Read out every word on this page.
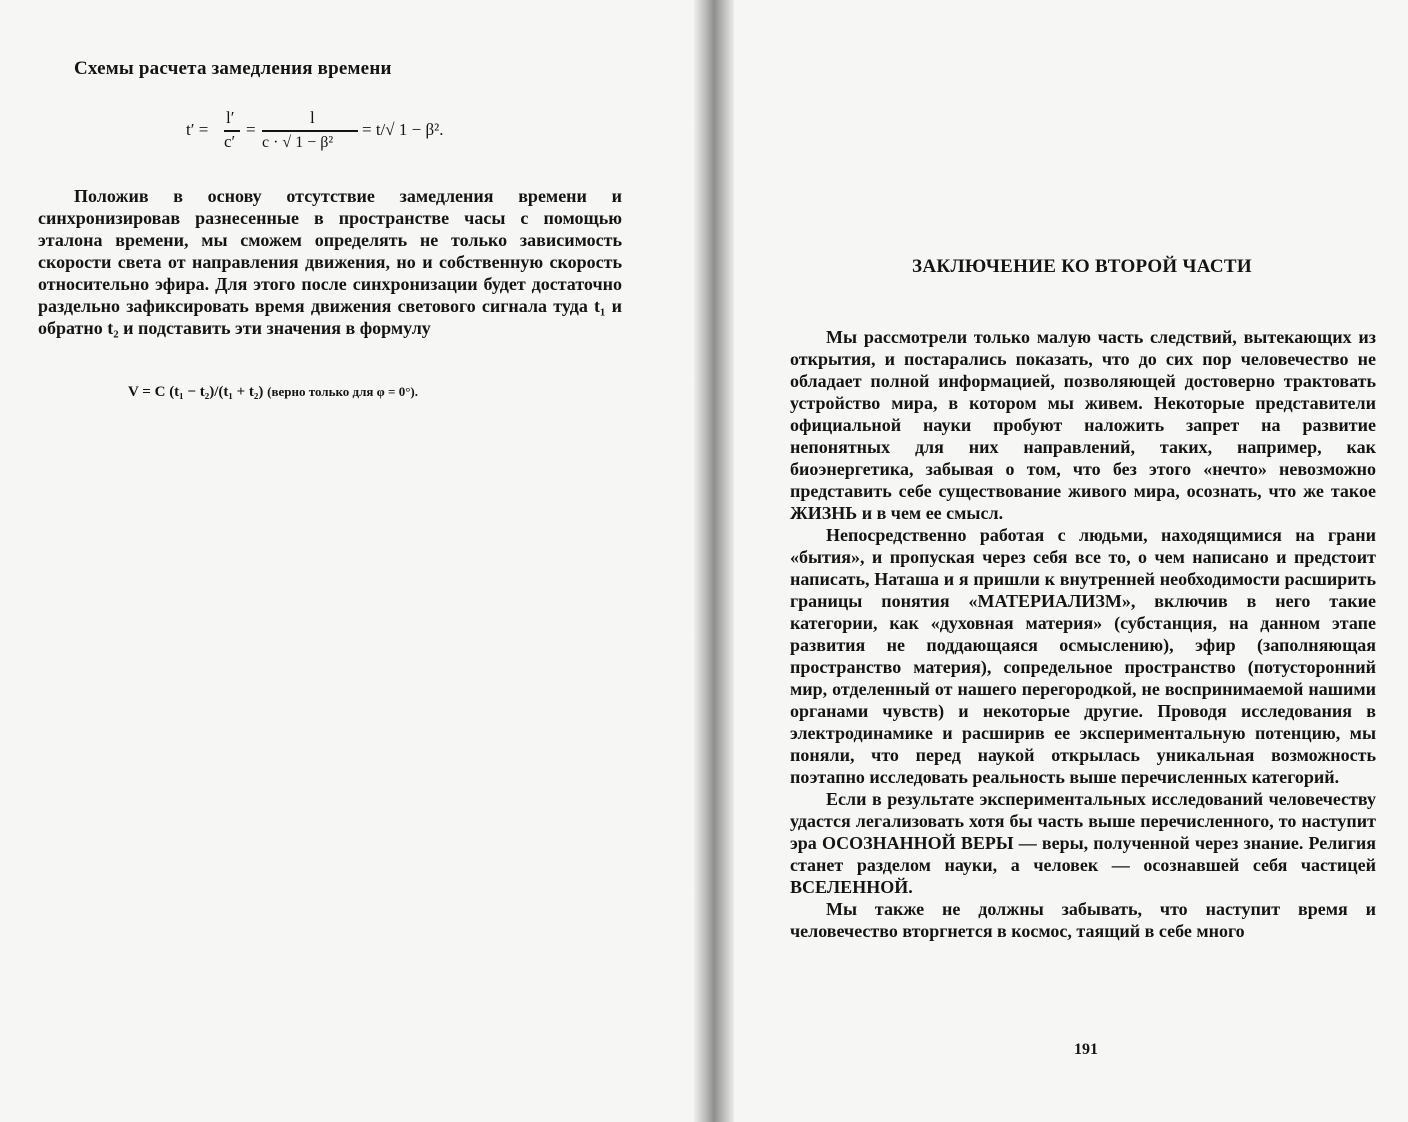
Схемы расчета замедления времени
t′ =
l′
c′
=
l
c · √ 1 − β²
= t/√ 1 − β².

Положив в основу отсутствие замедления времени и синхронизировав разнесенные в пространстве часы с помощью эталона времени, мы сможем определять не только зависимость скорости света от направления движения, но и собственную скорость относительно эфира. Для этого после синхронизации будет достаточно раздельно зафиксировать время движения светового сигнала туда t₁ и обратно t₂ и подставить эти значения в формулу

V = C (t₁ − t₂)/(t₁ + t₂) (верно только для φ = 0°).
ЗАКЛЮЧЕНИЕ КО ВТОРОЙ ЧАСТИ

Мы рассмотрели только малую часть следствий, вытекающих из открытия, и постарались показать, что до сих пор человечество не обладает полной информацией, позволяющей достоверно трактовать устройство мира, в котором мы живем. Некоторые представители официальной науки пробуют наложить запрет на развитие непонятных для них направлений, таких, например, как биоэнергетика, забывая о том, что без этого «нечто» невозможно представить себе существование живого мира, осознать, что же такое ЖИЗНЬ и в чем ее смысл.

Непосредственно работая с людьми, находящимися на грани «бытия», и пропуская через себя все то, о чем написано и предстоит написать, Наташа и я пришли к внутренней необходимости расширить границы понятия «МАТЕРИАЛИЗМ», включив в него такие категории, как «духовная материя» (субстанция, на данном этапе развития не поддающаяся осмыслению), эфир (заполняющая пространство материя), сопредельное пространство (потусторонний мир, отделенный от нашего перегородкой, не воспринимаемой нашими органами чувств) и некоторые другие. Проводя исследования в электродинамике и расширив ее экспериментальную потенцию, мы поняли, что перед наукой открылась уникальная возможность поэтапно исследовать реальность выше перечисленных категорий.

Если в результате экспериментальных исследований человечеству удастся легализовать хотя бы часть выше перечисленного, то наступит эра ОСОЗНАННОЙ ВЕРЫ — веры, полученной через знание. Религия станет разделом науки, а человек — осознавшей себя частицей ВСЕЛЕННОЙ.

Мы также не должны забывать, что наступит время и человечество вторгнется в космос, таящий в себе много

191
